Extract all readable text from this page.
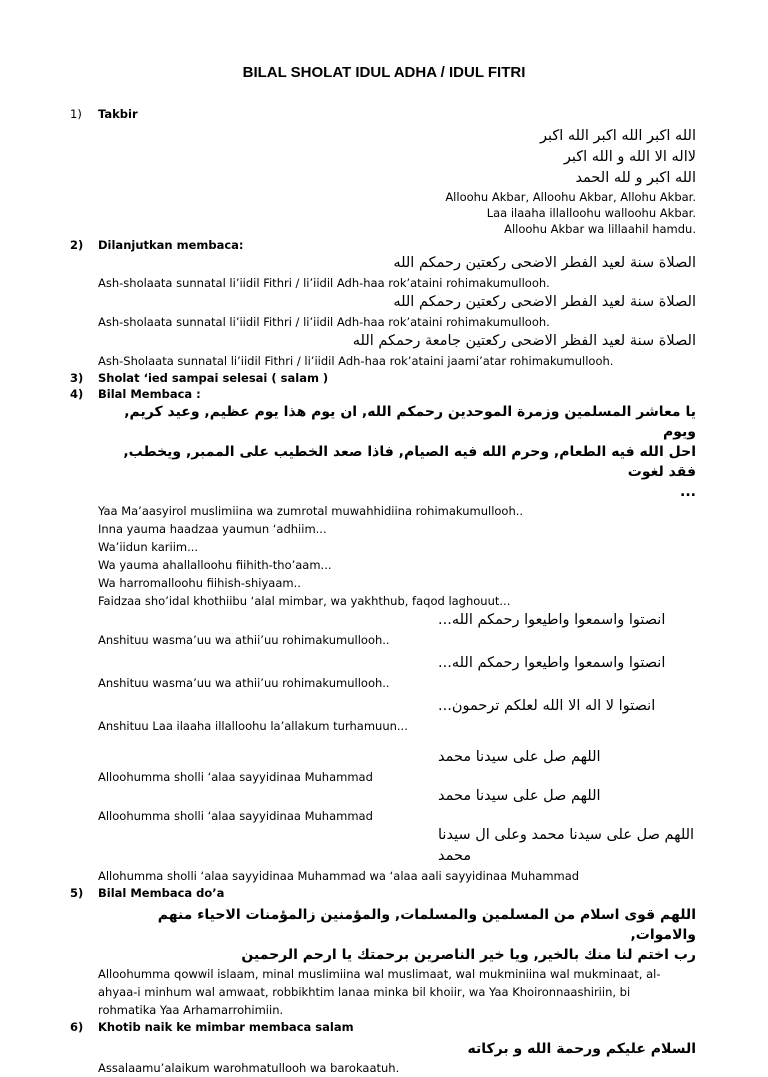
BILAL SHOLAT IDUL ADHA / IDUL FITRI
1) Takbir
الله اكبر الله اكبر الله اكبر
لااله الا الله و الله اكبر
الله اكبر و لله الحمد
Alloohu Akbar, Alloohu Akbar, Allohu Akbar.
Laa ilaaha illalloohu walloohu Akbar.
Alloohu Akbar wa lillaahil hamdu.
2) Dilanjutkan membaca:
الصلاة سنة لعيد الفطر الاضحى ركعتين رحمكم الله
Ash-sholaata sunnatal li’iidil Fithri / li’iidil Adh-haa rok’ataini rohimakumullooh.
الصلاة سنة لعيد الفطر الاضحى ركعتين رحمكم الله
Ash-sholaata sunnatal li’iidil Fithri / li’iidil Adh-haa rok’ataini rohimakumullooh.
الصلاة سنة لعيد الفظر الاضحى ركعتين جامعة رحمكم الله
Ash-Sholaata sunnatal li’iidil Fithri / li’iidil Adh-haa rok’ataini jaami’atar rohimakumullooh.
3) Sholat ‘ied sampai selesai ( salam )
4) Bilal Membaca :
يا معاشر المسلمين وزمرة الموحدين رحمكم الله, ان يوم هذا يوم عظيم, وعيد كريم, ويوم
احل الله فيه الطعام, وحرم الله فيه الصيام, فاذا صعد الخطيب على الممبر, ويخطب, فقد لغوت
...
Yaa Ma’aasyirol muslimiina wa zumrotal muwahhidiina rohimakumullooh..
Inna yauma haadzaa yaumun ‘adhiim...
Wa’iidun kariim...
Wa yauma ahallalloohu fiihith-tho’aam...
Wa harromalloohu fiihish-shiyaam..
Faidzaa sho’idal khothiibu ‘alal mimbar, wa yakhthub, faqod laghouut...
...انصتوا واسمعوا واطيعوا رحمكم الله
Anshituu wasma’uu wa athii’uu rohimakumullooh..
...انصتوا واسمعوا واطيعوا رحمكم الله
Anshituu wasma’uu wa athii’uu rohimakumullooh..
...انصتوا لا اله الا الله لعلكم ترحمون
Anshituu Laa ilaaha illalloohu la’allakum turhamuun...
اللهم صل على سيدنا محمد
Alloohumma sholli ‘alaa sayyidinaa Muhammad
اللهم صل على سيدنا محمد
Alloohumma sholli ‘alaa sayyidinaa Muhammad
اللهم صل على سيدنا محمد وعلى ال سيدنا محمد
Allohumma sholli ‘alaa sayyidinaa Muhammad wa ‘alaa aali sayyidinaa Muhammad
5) Bilal Membaca do’a
اللهم قوى اسلام من المسلمين والمسلمات, والمؤمنين زالمؤمنات الاحياء منهم والاموات,
رب اختم لنا منك بالخير, ويا خير الناصرين برحمتك يا ارحم الرحمين
Alloohumma qowwil islaam, minal muslimiina wal muslimaat, wal mukminiina wal mukminaat, al-
ahyaa-i minhum wal amwaat, robbikhtim lanaa minka bil khoiir, wa Yaa Khoironnaashiriin, bi
rohmatika Yaa Arhamarrohimiin.
6) Khotib naik ke mimbar membaca salam
السلام عليكم ورحمة الله و بركاته
Assalaamu’alaikum warohmatullooh wa barokaatuh.
